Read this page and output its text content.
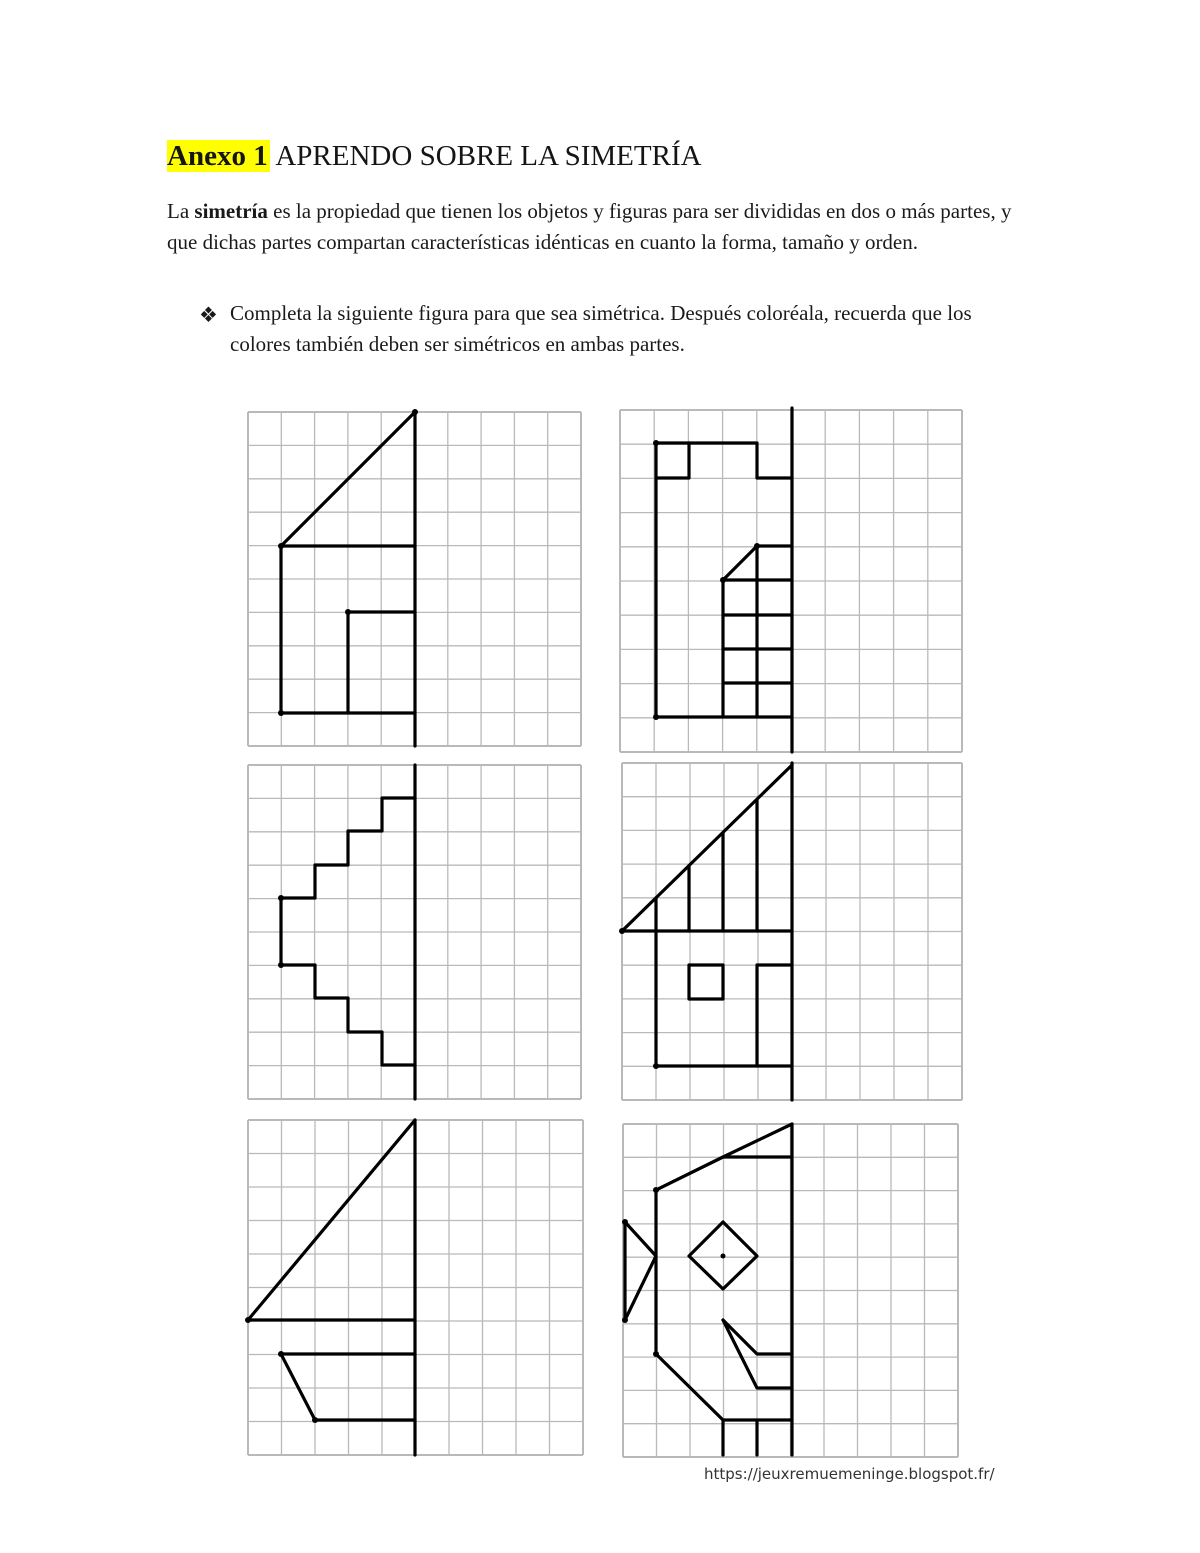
Anexo 1 APRENDO SOBRE LA SIMETRÍA

La simetría es la propiedad que tienen los objetos y figuras para ser divididas en dos o más partes, y que dichas partes compartan características idénticas en cuanto la forma, tamaño y orden.

❖ Completa la siguiente figura para que sea simétrica. Después coloréala, recuerda que los colores también deben ser simétricos en ambas partes.

https://jeuxremuemeninge.blogspot.fr/
